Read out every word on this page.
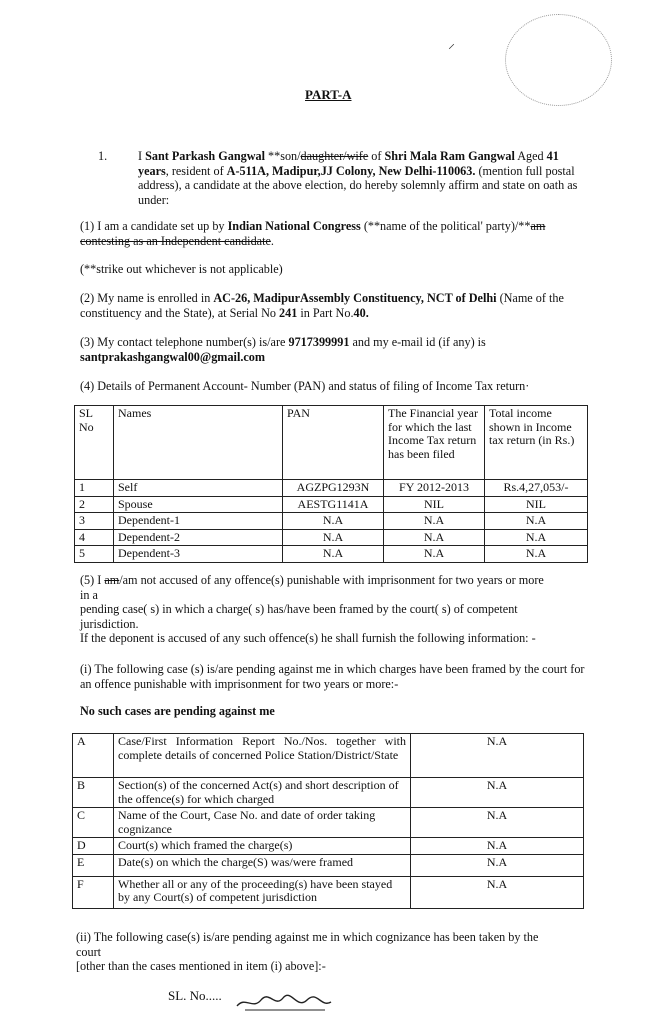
⸝
PART-A
1.	I Sant Parkash Gangwal **son/daughter/wife of Shri Mala Ram Gangwal Aged 41 years, resident of A-511A, Madipur,JJ Colony, New Delhi-110063. (mention full postal address), a candidate at the above election, do hereby solemnly affirm and state on oath as under:
(1) I am a candidate set up by Indian National Congress (**name of the political' party)/**am contesting as an Independent candidate.
(**strike out whichever is not applicable)
(2) My name is enrolled in AC-26, MadipurAssembly Constituency, NCT of Delhi (Name of the constituency and the State), at Serial No 241 in Part No.40.
(3) My contact telephone number(s) is/are 9717399991 and my e-mail id (if any) is
santprakashgangwal00@gmail.com
(4) Details of Permanent Account- Number (PAN) and status of filing of Income Tax return·
SL No	Names	PAN	The Financial year for which the last Income Tax return has been filed	Total income shown in Income tax return (in Rs.)
1	Self	AGZPG1293N	FY 2012-2013	Rs.4,27,053/-
2	Spouse	AESTG1141A	NIL	NIL
3	Dependent-1	N.A	N.A	N.A
4	Dependent-2	N.A	N.A	N.A
5	Dependent-3	N.A	N.A	N.A
(5) I am/am not accused of any offence(s) punishable with imprisonment for two years or more
in a
pending case( s) in which a charge( s) has/have been framed by the court( s) of competent
jurisdiction.
If the deponent is accused of any such offence(s) he shall furnish the following information: -
(i) The following case (s) is/are pending against me in which charges have been framed by the court for an offence punishable with imprisonment for two years or more:-
No such cases are pending against me
A	Case/First Information Report No./Nos. together with complete details of concerned Police Station/District/State	N.A
B	Section(s) of the concerned Act(s) and short description of the offence(s) for which charged	N.A
C	Name of the Court, Case No. and date of order taking cognizance	N.A
D	Court(s) which framed the charge(s)	N.A
E	Date(s) on which the charge(S) was/were framed	N.A
F	Whether all or any of the proceeding(s) have been stayed by any Court(s) of competent jurisdiction	N.A
(ii) The following case(s) is/are pending against me in which cognizance has been taken by the
court
[other than the cases mentioned in item (i) above]:-
SL. No.....
